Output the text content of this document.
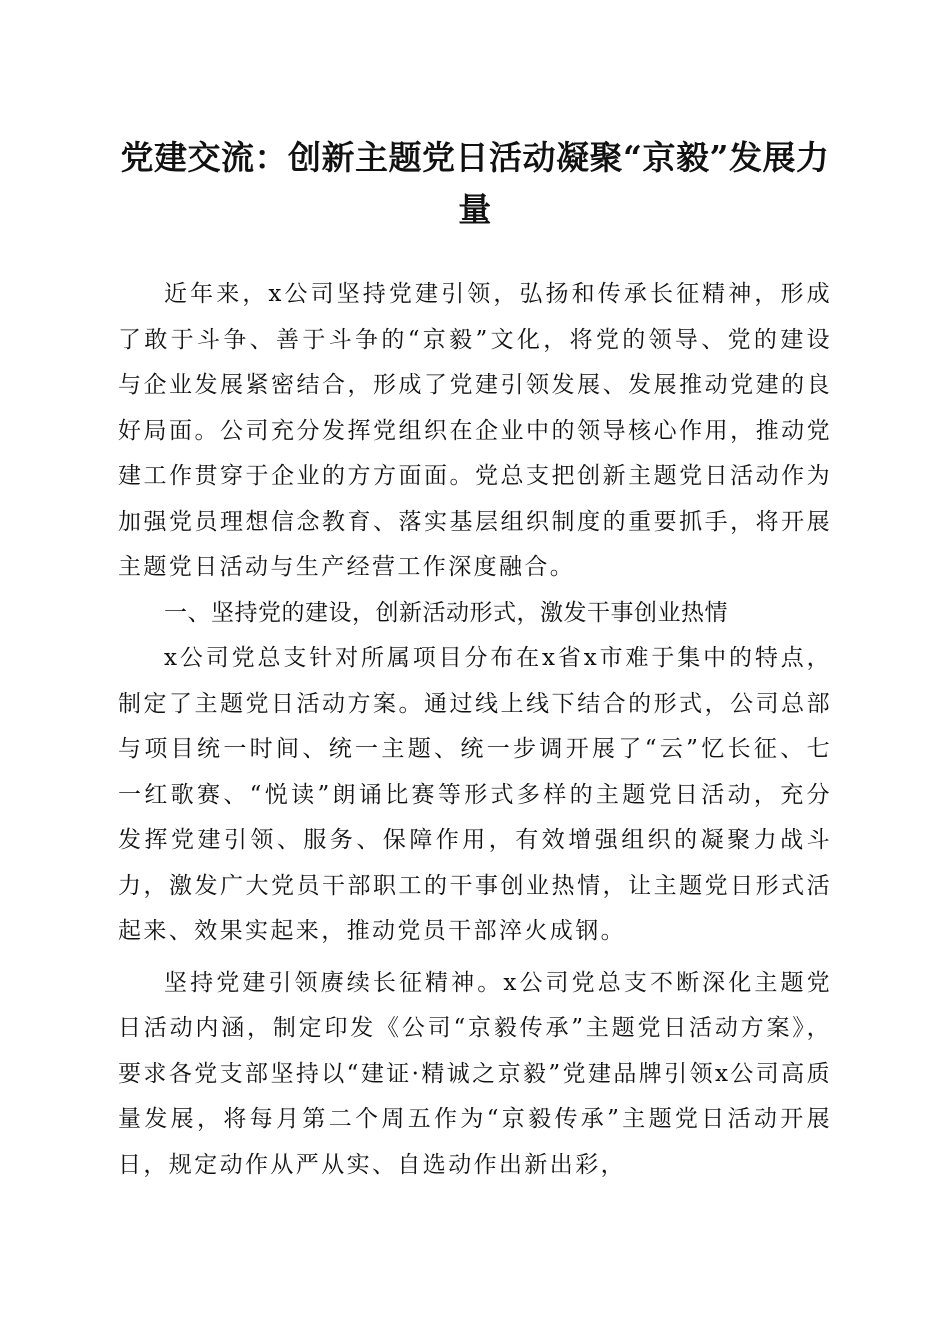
党建交流：创新主题党日活动凝聚“京毅”发展力量

近年来，x公司坚持党建引领，弘扬和传承长征精神，形成了敢于斗争、善于斗争的“京毅”文化，将党的领导、党的建设与企业发展紧密结合，形成了党建引领发展、发展推动党建的良好局面。公司充分发挥党组织在企业中的领导核心作用，推动党建工作贯穿于企业的方方面面。党总支把创新主题党日活动作为加强党员理想信念教育、落实基层组织制度的重要抓手，将开展主题党日活动与生产经营工作深度融合。

一、坚持党的建设，创新活动形式，激发干事创业热情

x公司党总支针对所属项目分布在x省x市难于集中的特点，制定了主题党日活动方案。通过线上线下结合的形式，公司总部与项目统一时间、统一主题、统一步调开展了“云”忆长征、七一红歌赛、“悦读”朗诵比赛等形式多样的主题党日活动，充分发挥党建引领、服务、保障作用，有效增强组织的凝聚力战斗力，激发广大党员干部职工的干事创业热情，让主题党日形式活起来、效果实起来，推动党员干部淬火成钢。

坚持党建引领赓续长征精神。x公司党总支不断深化主题党日活动内涵，制定印发《公司“京毅传承”主题党日活动方案》，要求各党支部坚持以“建证·精诚之京毅”党建品牌引领x公司高质量发展，将每月第二个周五作为“京毅传承”主题党日活动开展日，规定动作从严从实、自选动作出新出彩，
